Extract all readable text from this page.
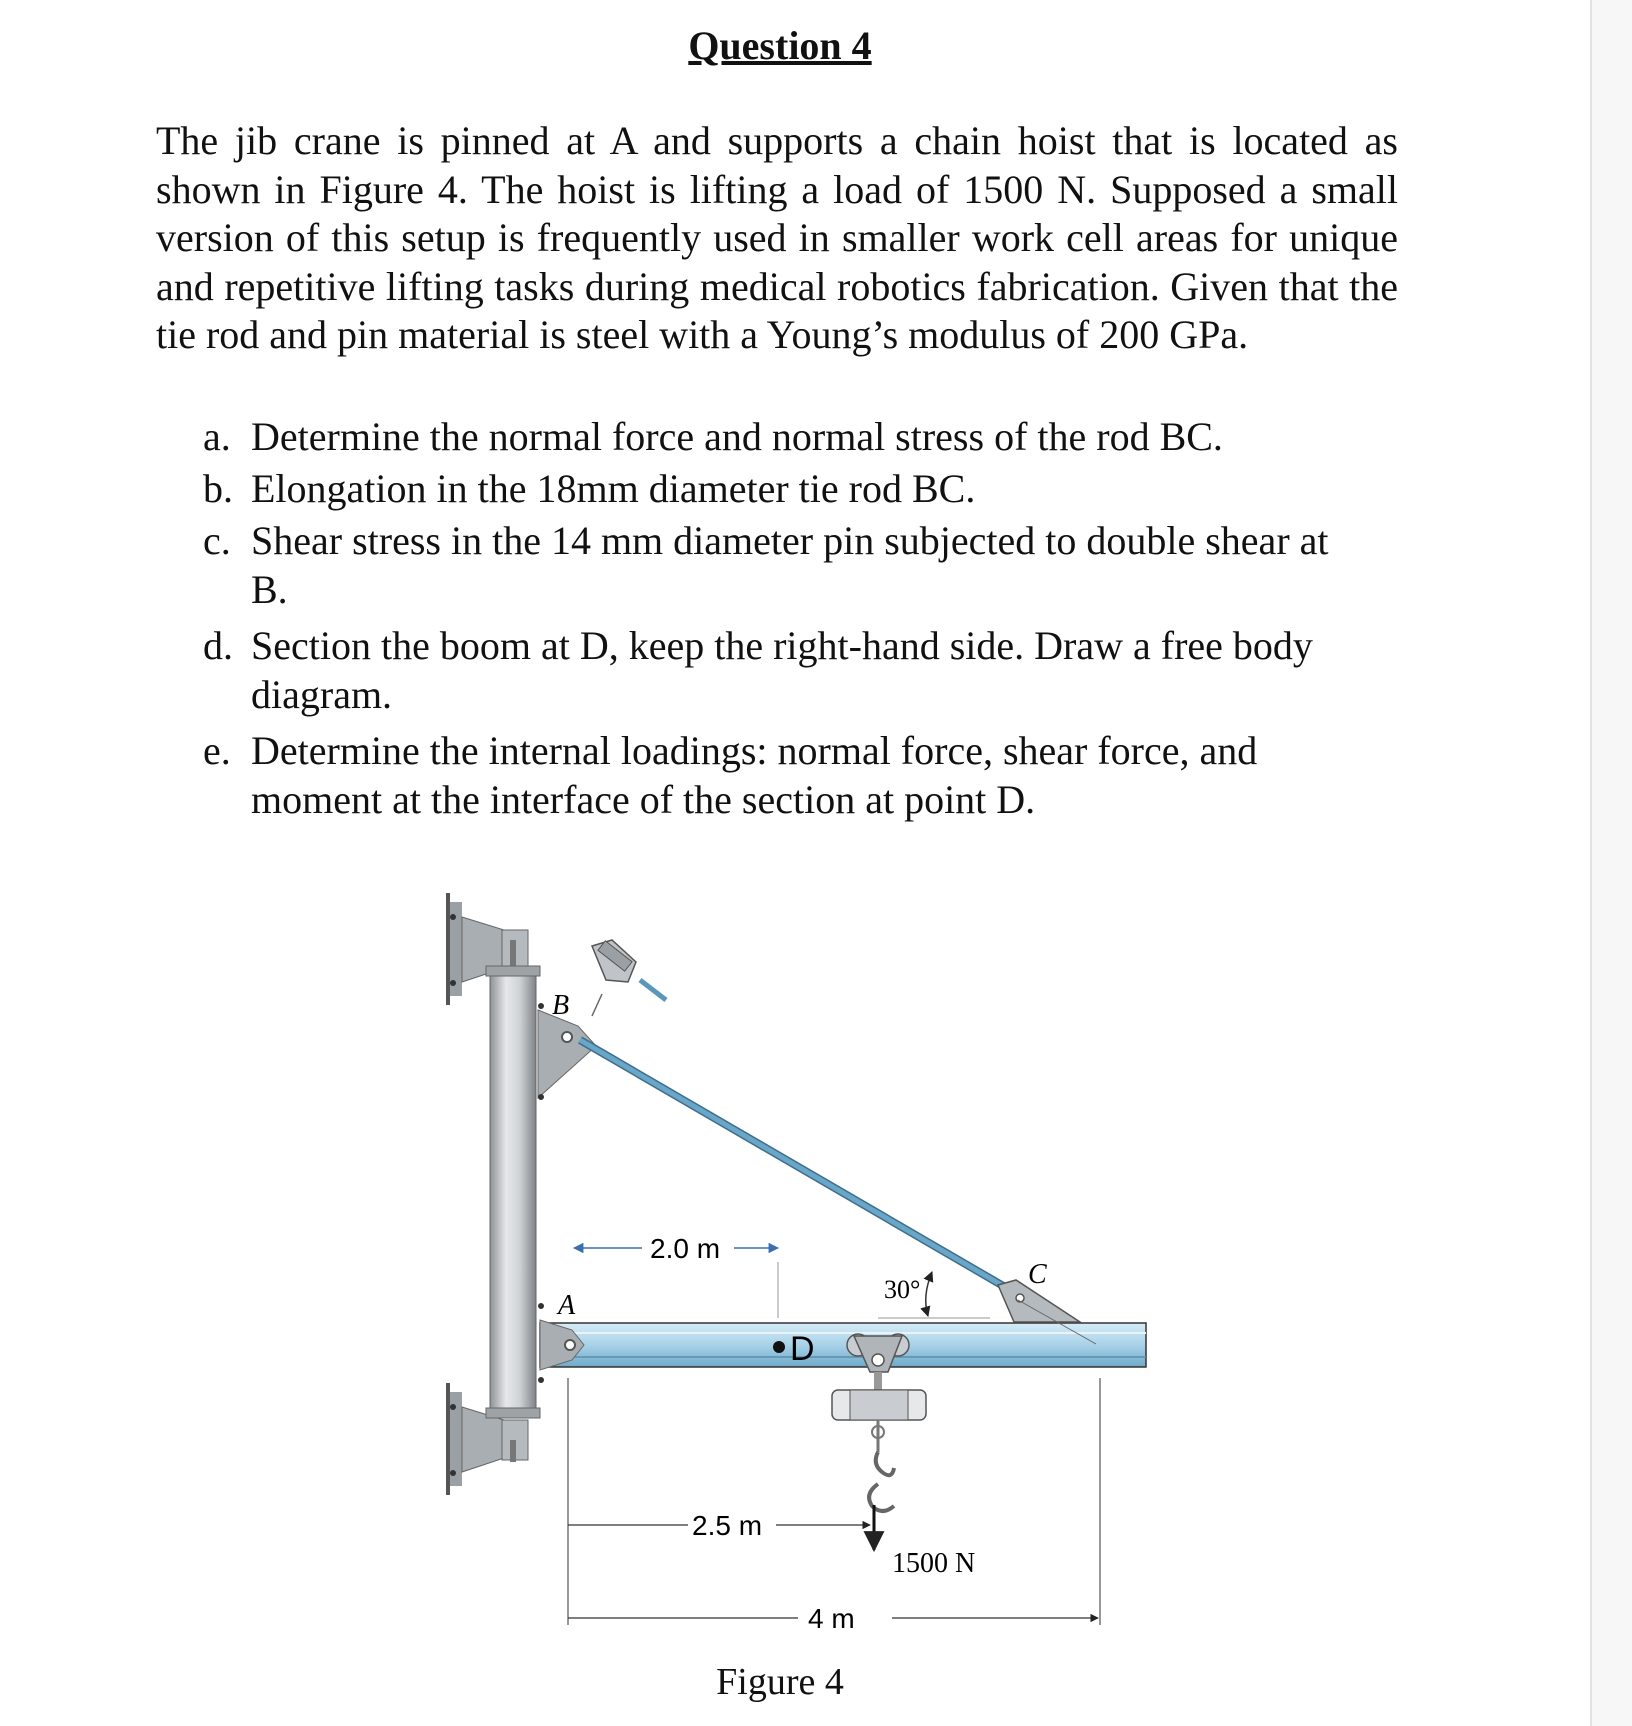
Question 4

The jib crane is pinned at A and supports a chain hoist that is located as shown in Figure 4. The hoist is lifting a load of 1500 N. Supposed a small version of this setup is frequently used in smaller work cell areas for unique and repetitive lifting tasks during medical robotics fabrication. Given that the tie rod and pin material is steel with a Young’s modulus of 200 GPa.

a. Determine the normal force and normal stress of the rod BC.
b. Elongation in the 18mm diameter tie rod BC.
c. Shear stress in the 14 mm diameter pin subjected to double shear at
B.
d. Section the boom at D, keep the right-hand side. Draw a free body
diagram.
e. Determine the internal loadings: normal force, shear force, and
moment at the interface of the section at point D.
B
A
C
D
30°
2.0 m
2.5 m
4 m
1500 N
Figure 4
